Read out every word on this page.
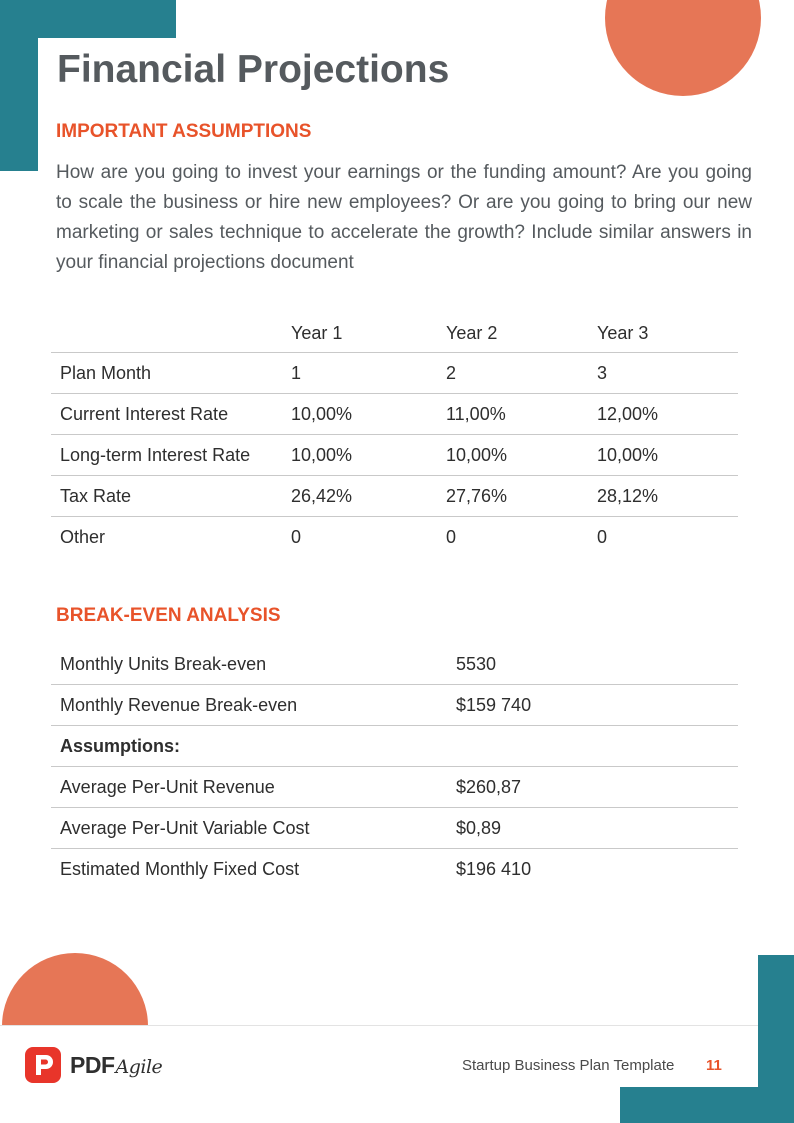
Financial Projections
IMPORTANT ASSUMPTIONS

How are you going to invest your earnings or the funding amount? Are you going to scale the business or hire new employees? Or are you going to bring our new marketing or sales technique to accelerate the growth? Include similar answers in your financial projections document

	Year 1	Year 2	Year 3
Plan Month	1	2	3
Current Interest Rate	10,00%	11,00%	12,00%
Long-term Interest Rate	10,00%	10,00%	10,00%
Tax Rate	26,42%	27,76%	28,12%
Other	0	0	0
BREAK-EVEN ANALYSIS
Monthly Units Break-even	5530
Monthly Revenue Break-even	$159 740
Assumptions:	
Average Per-Unit Revenue	$260,87
Average Per-Unit Variable Cost	$0,89
Estimated Monthly Fixed Cost	$196 410
PDFAgile	Startup Business Plan Template 11
